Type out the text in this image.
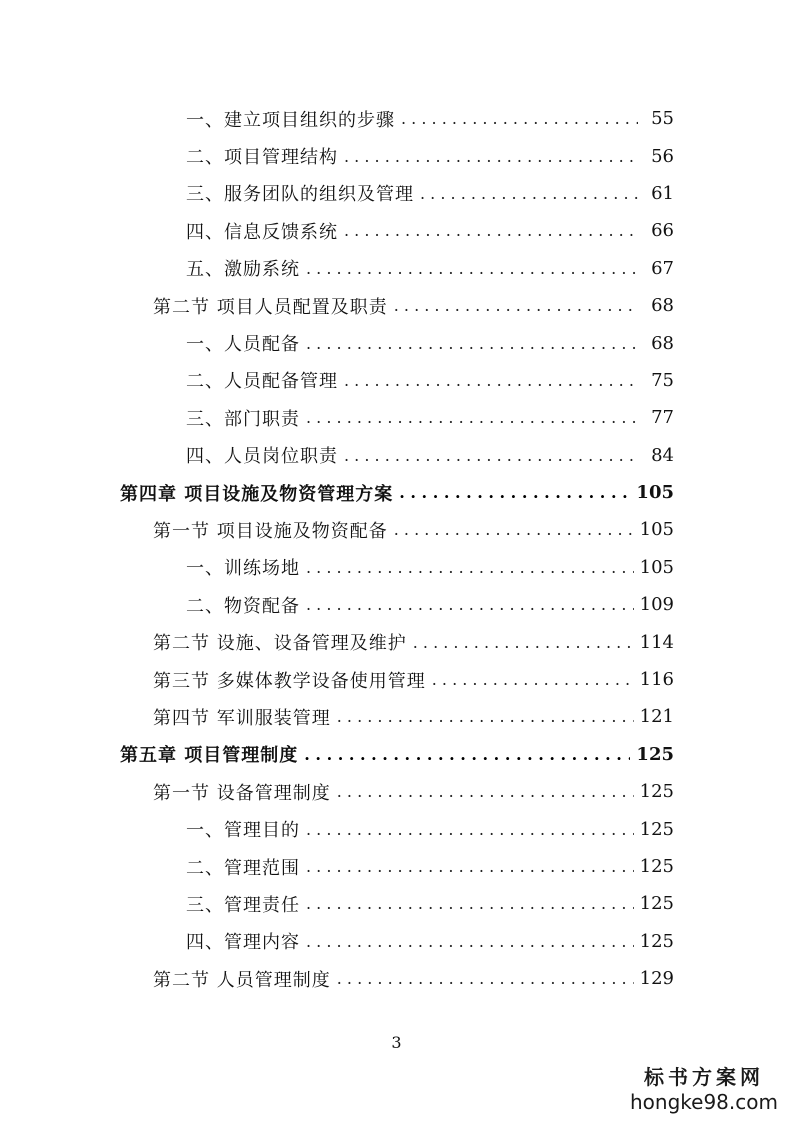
一、建立项目组织的步骤 . . .	55
二、项目管理结构 . . .	56
三、服务团队的组织及管理 . . .	61
四、信息反馈系统 . . .	66
五、激励系统 . . .	67
第二节 项目人员配置及职责 . . .	68
一、人员配备 . . .	68
二、人员配备管理 . . .	75
三、部门职责 . . .	77
四、人员岗位职责 . . .	84
第四章 项目设施及物资管理方案 . . .	105
第一节 项目设施及物资配备 . . .	105
一、训练场地 . . .	105
二、物资配备 . . .	109
第二节 设施、设备管理及维护 . . .	114
第三节 多媒体教学设备使用管理 . . .	116
第四节 军训服装管理 . . .	121
第五章 项目管理制度 . . .	125
第一节 设备管理制度 . . .	125
一、管理目的 . . .	125
二、管理范围 . . .	125
三、管理责任 . . .	125
四、管理内容 . . .	125
第二节 人员管理制度 . . .	129
3
标书方案网
hongke98.com
